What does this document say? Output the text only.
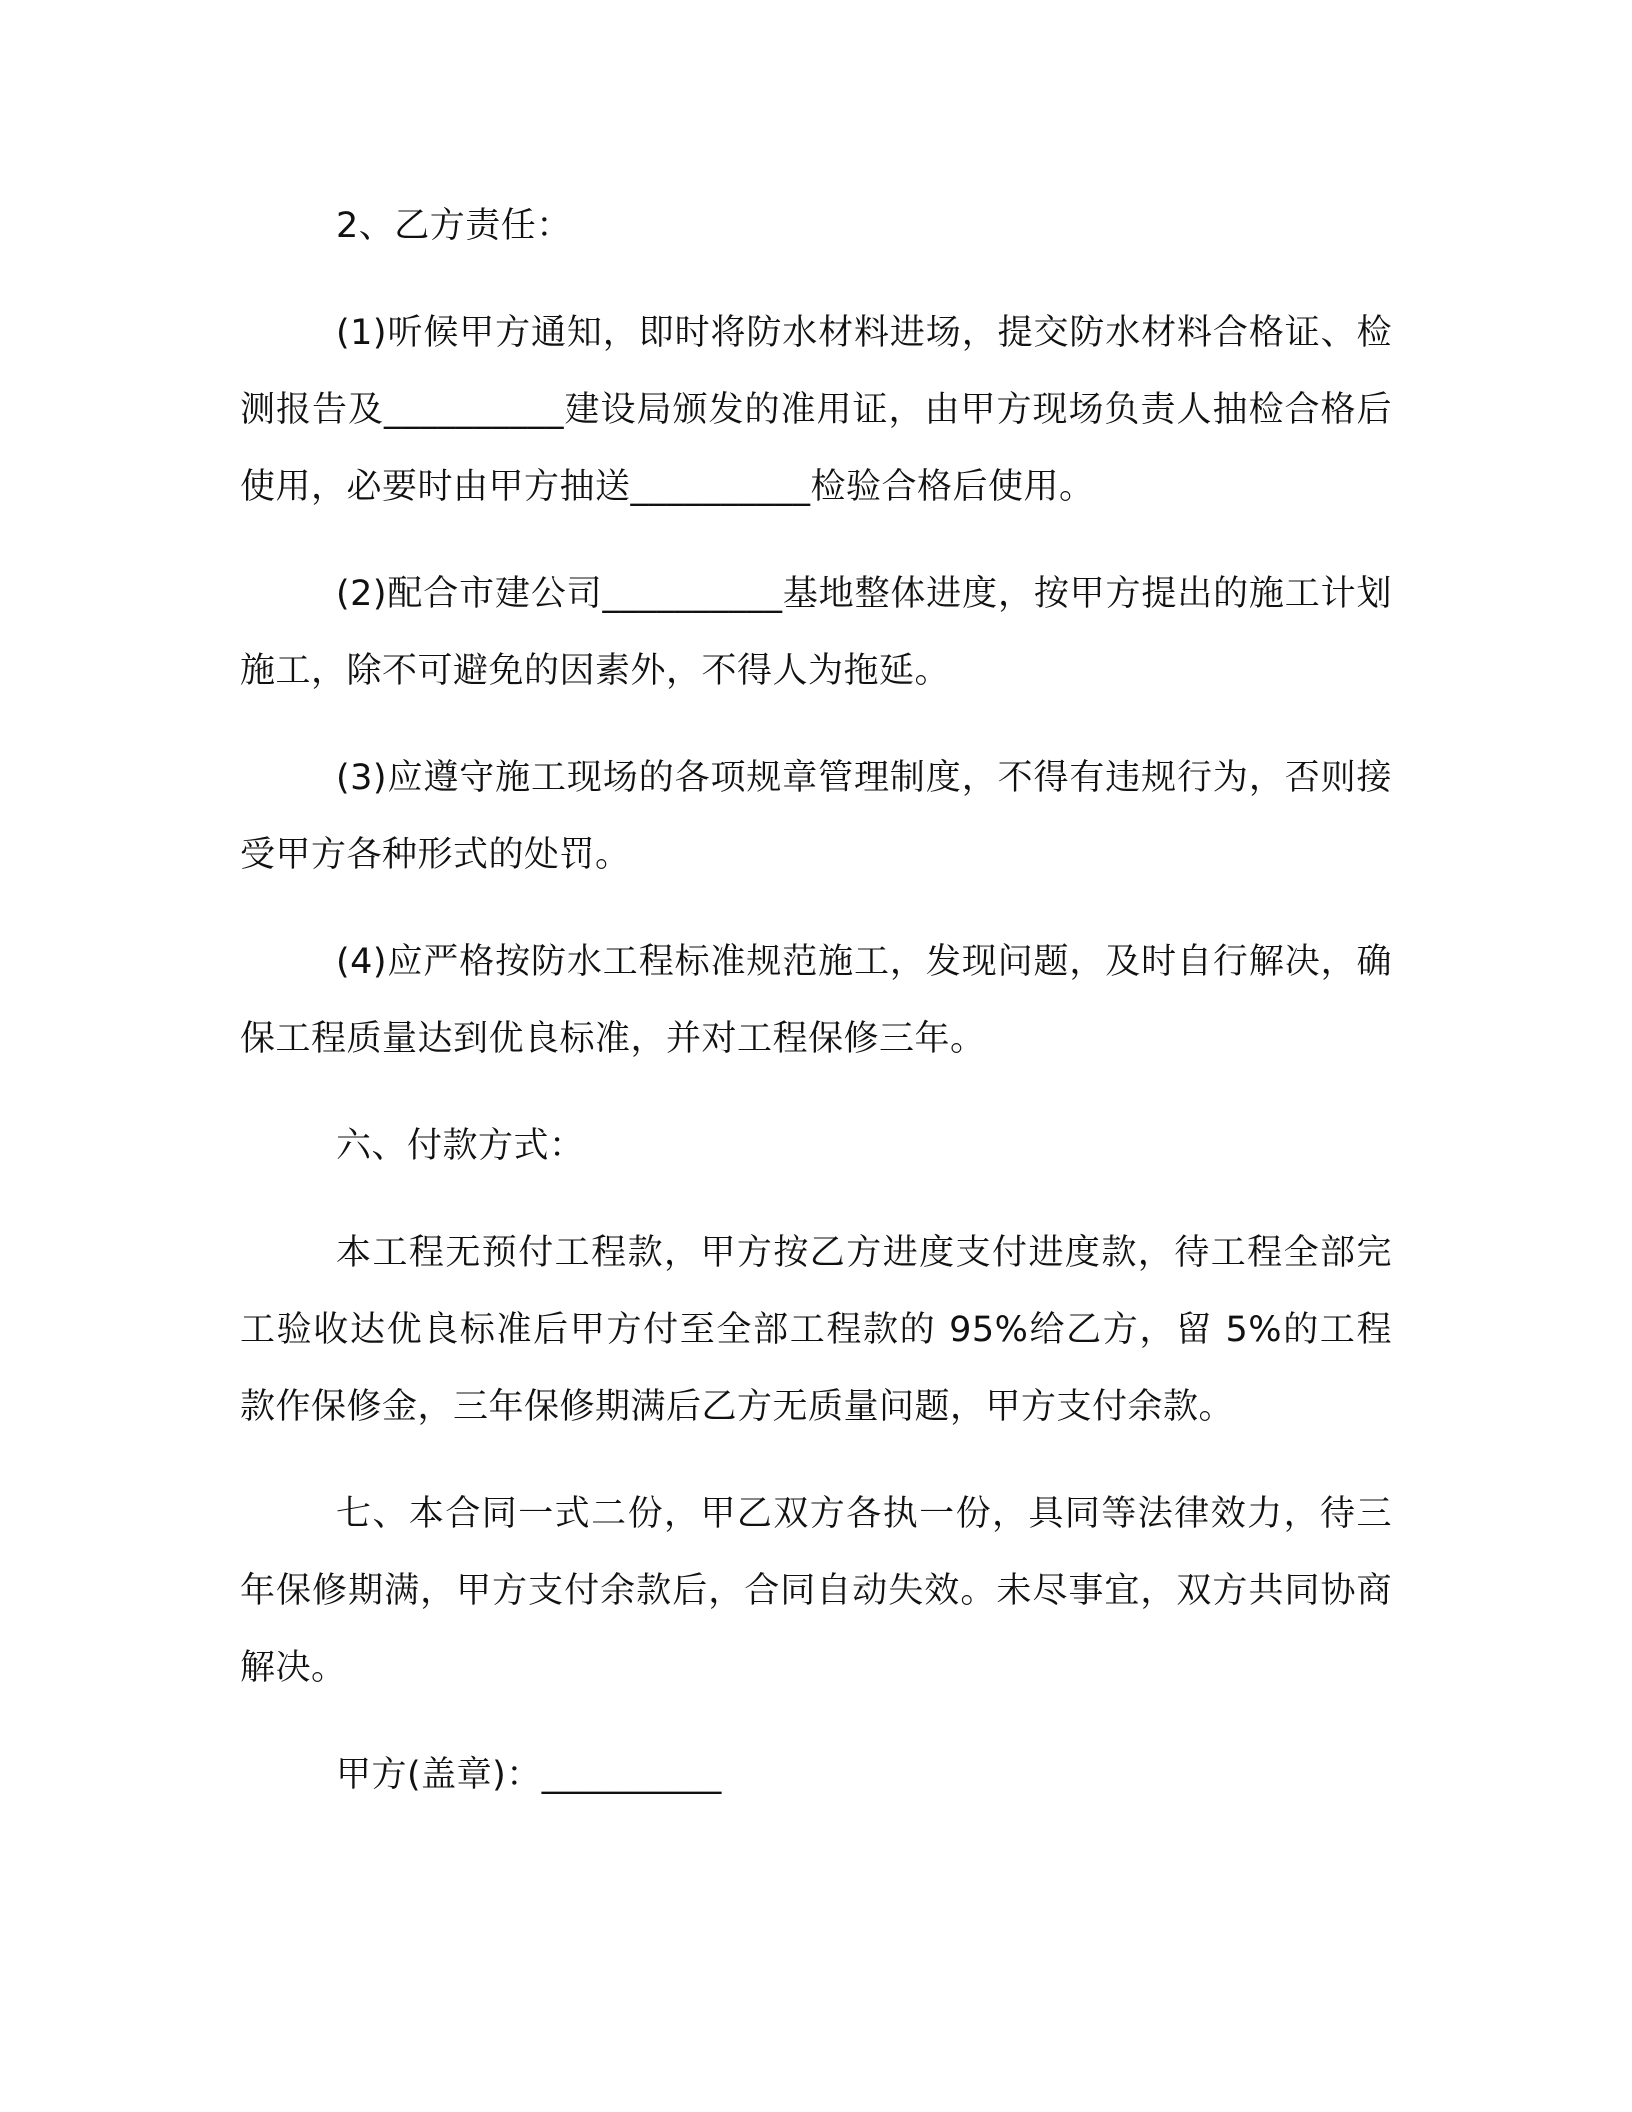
2、乙方责任：

(1)听候甲方通知，即时将防水材料进场，提交防水材料合格证、检测报告及__________建设局颁发的准用证，由甲方现场负责人抽检合格后使用，必要时由甲方抽送__________检验合格后使用。

(2)配合市建公司__________基地整体进度，按甲方提出的施工计划施工，除不可避免的因素外，不得人为拖延。

(3)应遵守施工现场的各项规章管理制度，不得有违规行为，否则接受甲方各种形式的处罚。

(4)应严格按防水工程标准规范施工，发现问题，及时自行解决，确保工程质量达到优良标准，并对工程保修三年。

六、付款方式：

本工程无预付工程款，甲方按乙方进度支付进度款，待工程全部完工验收达优良标准后甲方付至全部工程款的 95%给乙方，留 5%的工程款作保修金，三年保修期满后乙方无质量问题，甲方支付余款。

七、本合同一式二份，甲乙双方各执一份，具同等法律效力，待三年保修期满，甲方支付余款后，合同自动失效。未尽事宜，双方共同协商解决。

甲方(盖章)：__________
